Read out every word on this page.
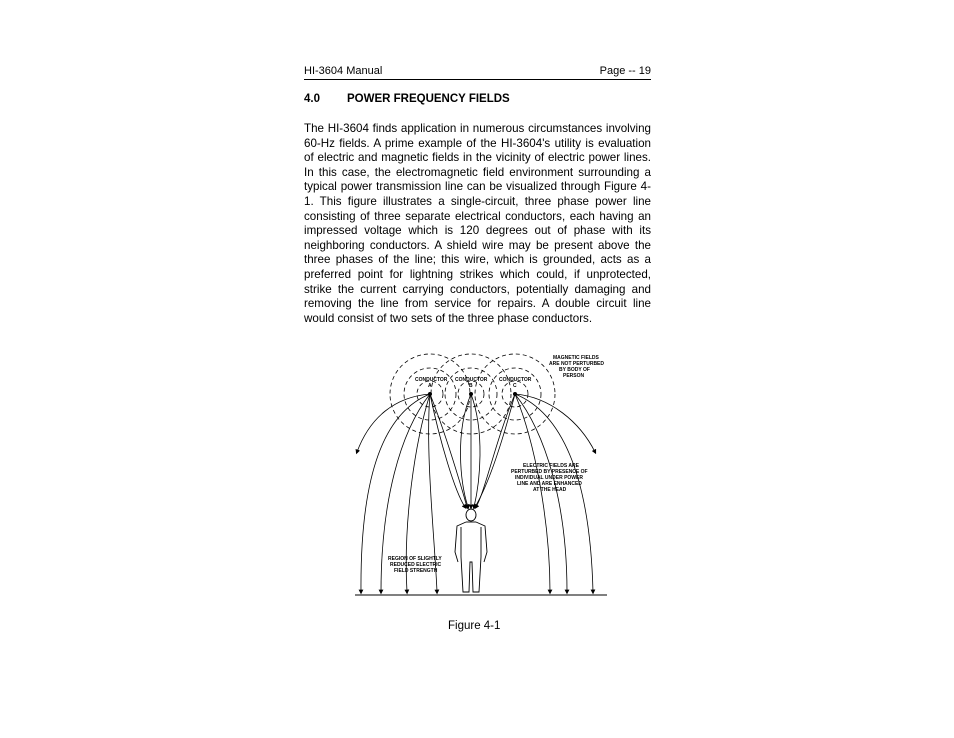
HI-3604 Manual	Page -- 19
4.0 POWER FREQUENCY FIELDS

The HI-3604 finds application in numerous circumstances involving 60-Hz fields. A prime example of the HI-3604's utility is evaluation of electric and magnetic fields in the vicinity of electric power lines. In this case, the electromagnetic field environment surrounding a typical power transmission line can be visualized through Figure 4-1. This figure illustrates a single-circuit, three phase power line consisting of three separate electrical conductors, each having an impressed voltage which is 120 degrees out of phase with its neighboring conductors. A shield wire may be present above the three phases of the line; this wire, which is grounded, acts as a preferred point for lightning strikes which could, if unprotected, strike the current carrying conductors, potentially damaging and removing the line from service for repairs. A double circuit line would consist of two sets of the three phase conductors.

CONDUCTOR
A
CONDUCTOR
B
CONDUCTOR
C
MAGNETIC FIELDS
ARE NOT PERTURBED
BY BODY OF
PERSON
ELECTRIC FIELDS ARE
PERTURBED BY PRESENCE OF
INDIVIDUAL UNDER POWER
LINE AND ARE ENHANCED
AT THE HEAD
REGION OF SLIGHTLY
REDUCED ELECTRIC
FIELD STRENGTH
Figure 4-1
